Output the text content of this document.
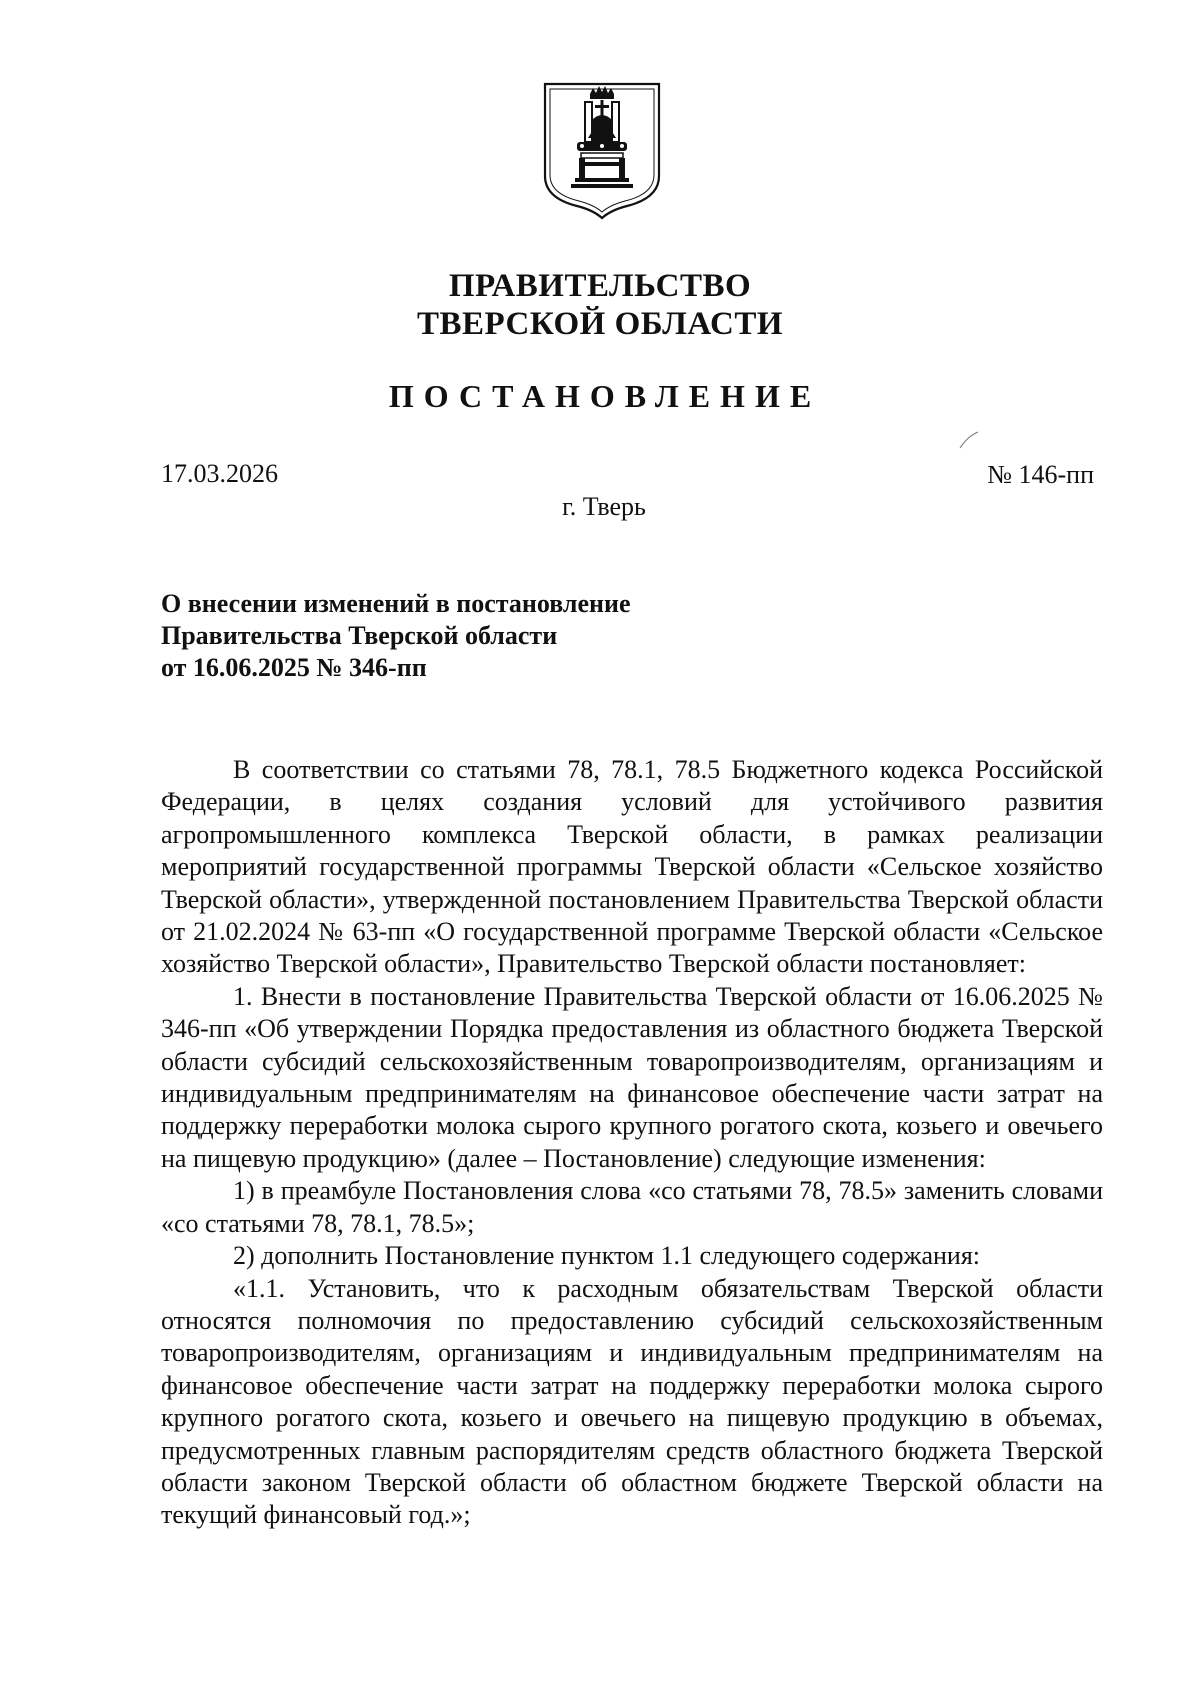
ПРАВИТЕЛЬСТВО
ТВЕРСКОЙ ОБЛАСТИ
ПОСТАНОВЛЕНИЕ
17.03.2026	№ 146-пп
г. Тверь
О внесении изменений в постановление
Правительства Тверской области
от 16.06.2025 № 346-пп

В соответствии со статьями 78, 78.1, 78.5 Бюджетного кодекса Российской Федерации, в целях создания условий для устойчивого развития агропромышленного комплекса Тверской области, в рамках реализации мероприятий государственной программы Тверской области «Сельское хозяйство Тверской области», утвержденной постановлением Правительства Тверской области от 21.02.2024 № 63-пп «О государственной программе Тверской области «Сельское хозяйство Тверской области», Правительство Тверской области постановляет:

1. Внести в постановление Правительства Тверской области от 16.06.2025 № 346-пп «Об утверждении Порядка предоставления из областного бюджета Тверской области субсидий сельскохозяйственным товаропроизводителям, организациям и индивидуальным предпринимателям на финансовое обеспечение части затрат на поддержку переработки молока сырого крупного рогатого скота, козьего и овечьего на пищевую продукцию» (далее – Постановление) следующие изменения:

1) в преамбуле Постановления слова «со статьями 78, 78.5» заменить словами «со статьями 78, 78.1, 78.5»;

2) дополнить Постановление пунктом 1.1 следующего содержания:

«1.1. Установить, что к расходным обязательствам Тверской области относятся полномочия по предоставлению субсидий сельскохозяйственным товаропроизводителям, организациям и индивидуальным предпринимателям на финансовое обеспечение части затрат на поддержку переработки молока сырого крупного рогатого скота, козьего и овечьего на пищевую продукцию в объемах, предусмотренных главным распорядителям средств областного бюджета Тверской области законом Тверской области об областном бюджете Тверской области на текущий финансовый год.»;
